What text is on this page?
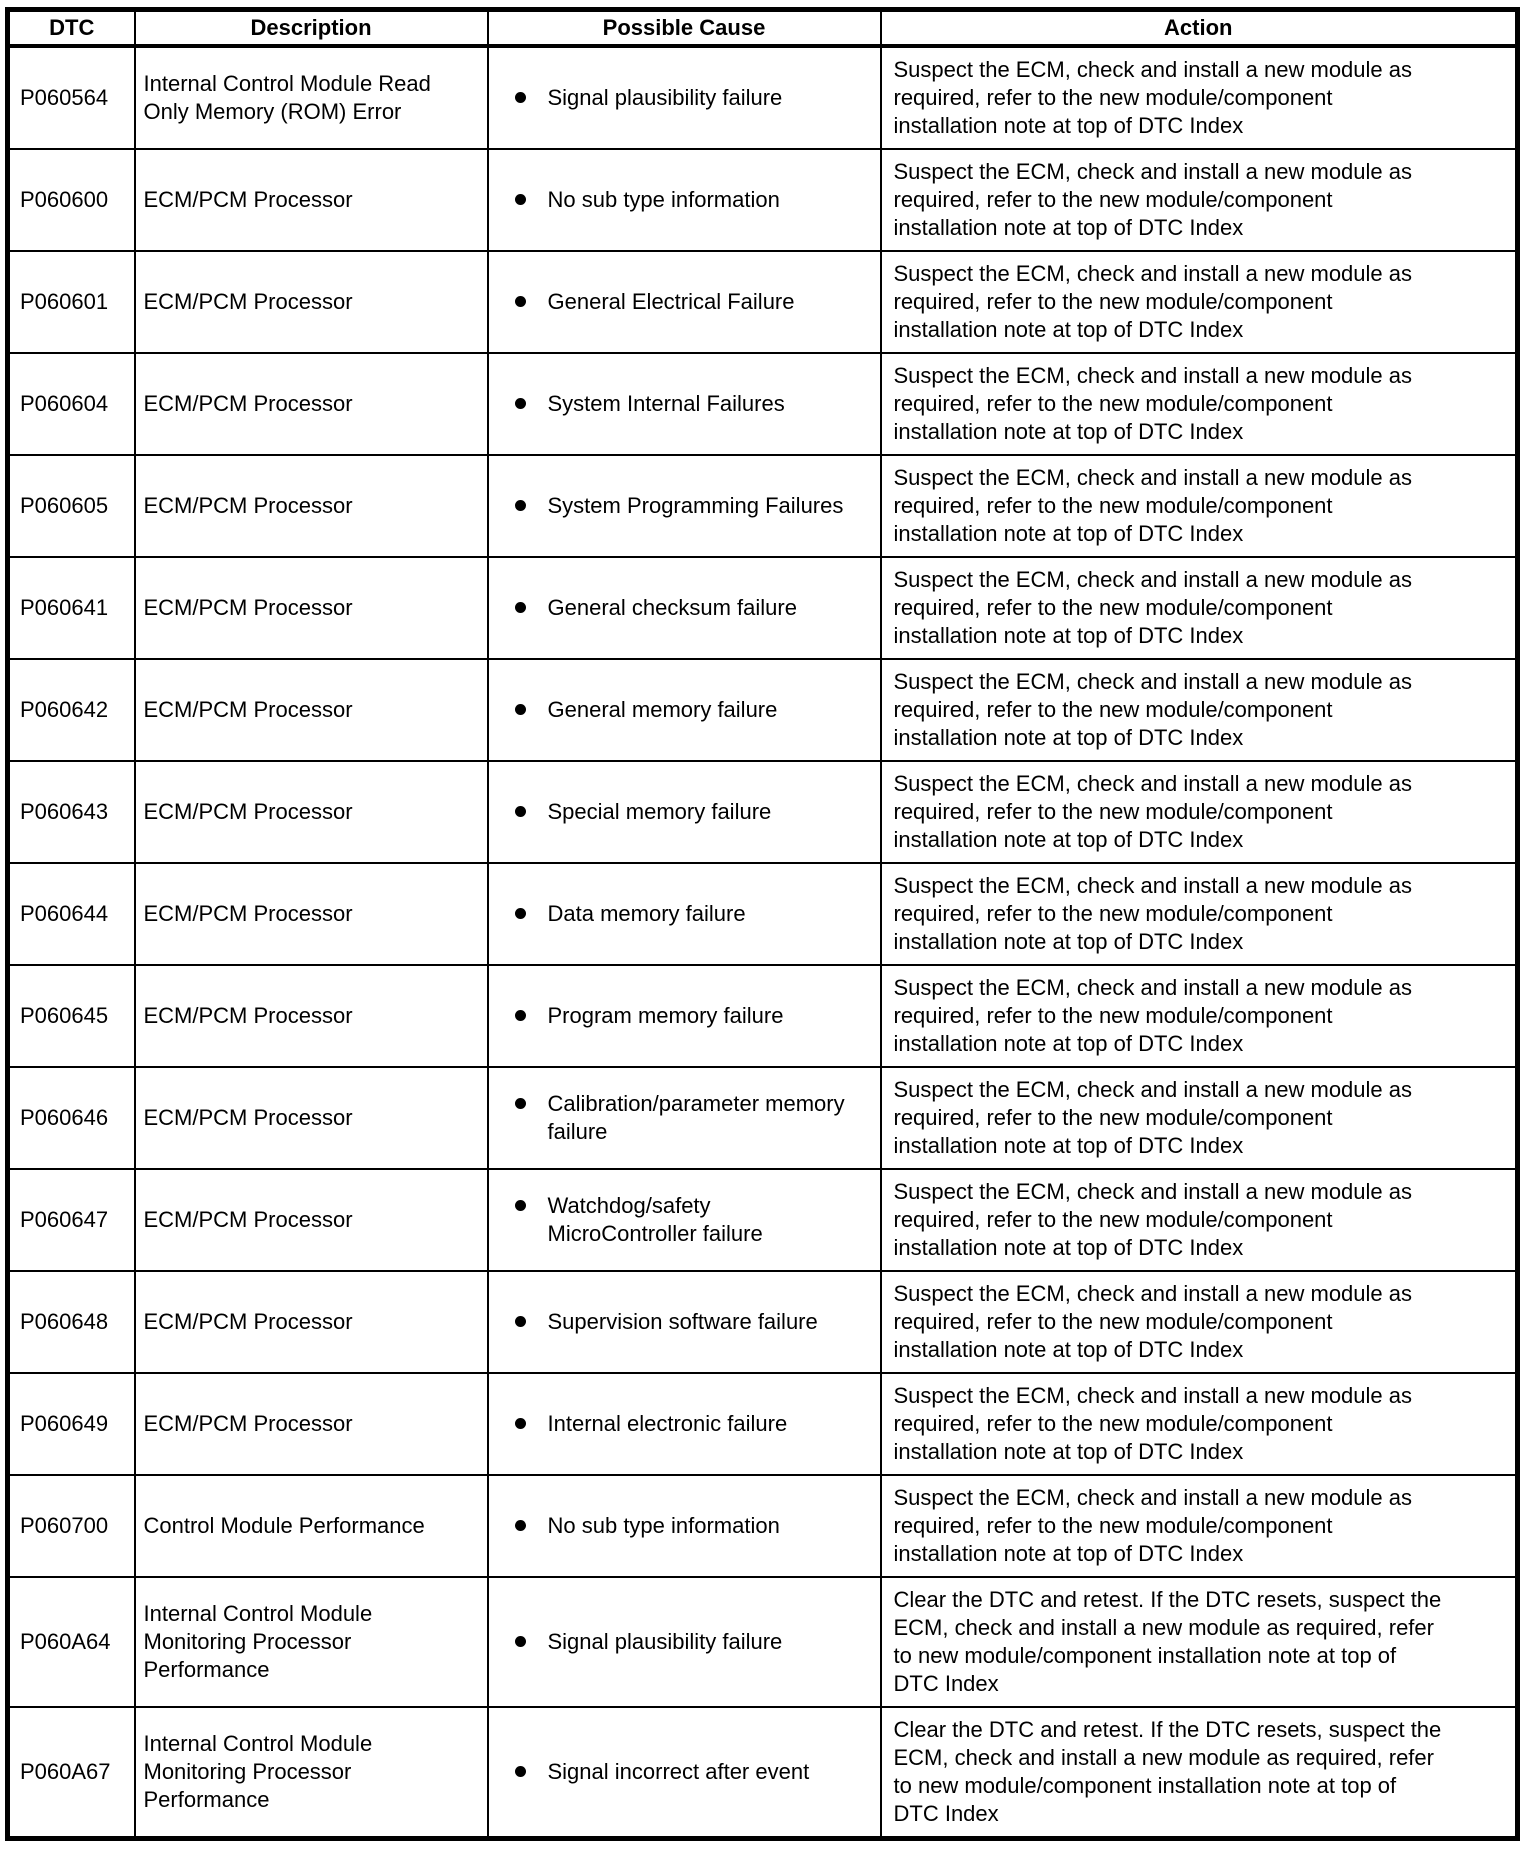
DTC	Description	Possible Cause	Action
P060564	Internal Control Module Read Only Memory (ROM) Error	Signal plausibility failure	Suspect the ECM, check and install a new module as required, refer to the new module/component installation note at top of DTC Index

P060600	ECM/PCM Processor	No sub type information	Suspect the ECM, check and install a new module as required, refer to the new module/component installation note at top of DTC Index

P060601	ECM/PCM Processor	General Electrical Failure	Suspect the ECM, check and install a new module as required, refer to the new module/component installation note at top of DTC Index

P060604	ECM/PCM Processor	System Internal Failures	Suspect the ECM, check and install a new module as required, refer to the new module/component installation note at top of DTC Index

P060605	ECM/PCM Processor	System Programming Failures	Suspect the ECM, check and install a new module as required, refer to the new module/component installation note at top of DTC Index

P060641	ECM/PCM Processor	General checksum failure	Suspect the ECM, check and install a new module as required, refer to the new module/component installation note at top of DTC Index

P060642	ECM/PCM Processor	General memory failure	Suspect the ECM, check and install a new module as required, refer to the new module/component installation note at top of DTC Index

P060643	ECM/PCM Processor	Special memory failure	Suspect the ECM, check and install a new module as required, refer to the new module/component installation note at top of DTC Index

P060644	ECM/PCM Processor	Data memory failure	Suspect the ECM, check and install a new module as required, refer to the new module/component installation note at top of DTC Index

P060645	ECM/PCM Processor	Program memory failure	Suspect the ECM, check and install a new module as required, refer to the new module/component installation note at top of DTC Index

P060646	ECM/PCM Processor	Calibration/parameter memory failure	Suspect the ECM, check and install a new module as required, refer to the new module/component installation note at top of DTC Index

P060647	ECM/PCM Processor	Watchdog/safety MicroController failure	Suspect the ECM, check and install a new module as required, refer to the new module/component installation note at top of DTC Index

P060648	ECM/PCM Processor	Supervision software failure	Suspect the ECM, check and install a new module as required, refer to the new module/component installation note at top of DTC Index

P060649	ECM/PCM Processor	Internal electronic failure	Suspect the ECM, check and install a new module as required, refer to the new module/component installation note at top of DTC Index

P060700	Control Module Performance	No sub type information	Suspect the ECM, check and install a new module as required, refer to the new module/component installation note at top of DTC Index

P060A64	Internal Control Module Monitoring Processor Performance	Signal plausibility failure	Clear the DTC and retest. If the DTC resets, suspect the ECM, check and install a new module as required, refer to new module/component installation note at top of DTC Index

P060A67	Internal Control Module Monitoring Processor Performance	Signal incorrect after event	Clear the DTC and retest. If the DTC resets, suspect the ECM, check and install a new module as required, refer to new module/component installation note at top of DTC Index
